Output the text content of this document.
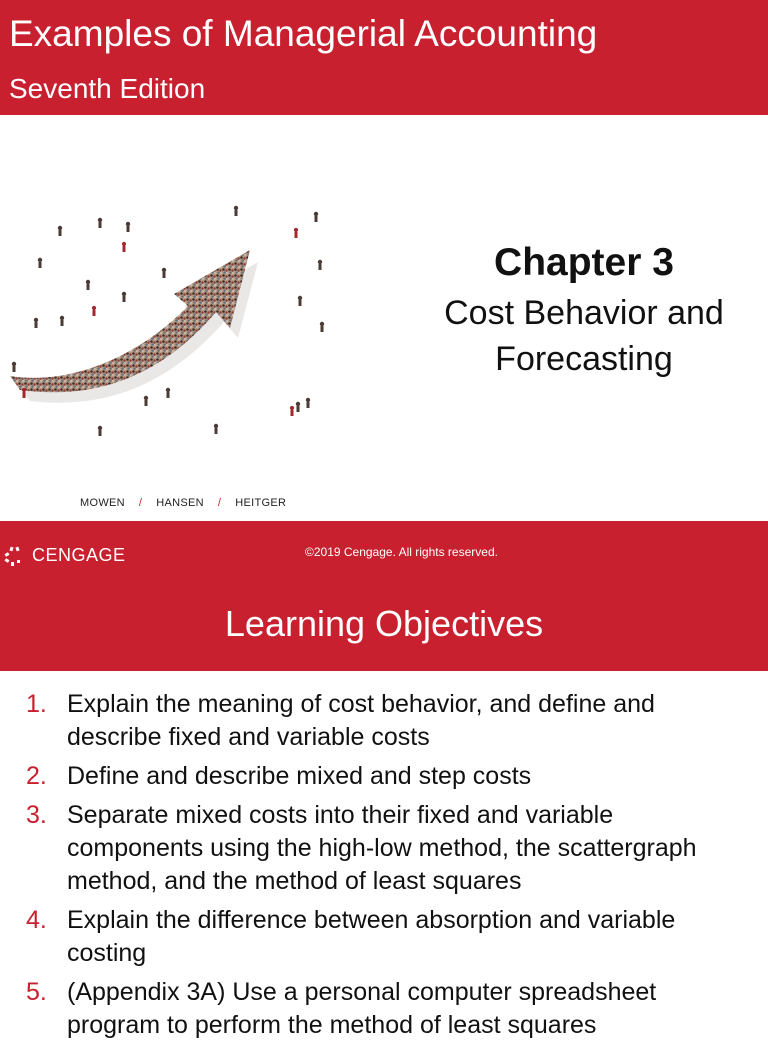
Examples of Managerial Accounting
Seventh Edition
Chapter 3
Cost Behavior and
Forecasting
MOWEN / HANSEN / HEITGER
CENGAGE	©2019 Cengage. All rights reserved.
Learning Objectives
1. Explain the meaning of cost behavior, and define and describe fixed and variable costs
2. Define and describe mixed and step costs
3. Separate mixed costs into their fixed and variable components using the high-low method, the scattergraph method, and the method of least squares
4. Explain the difference between absorption and variable costing
5. (Appendix 3A) Use a personal computer spreadsheet program to perform the method of least squares
